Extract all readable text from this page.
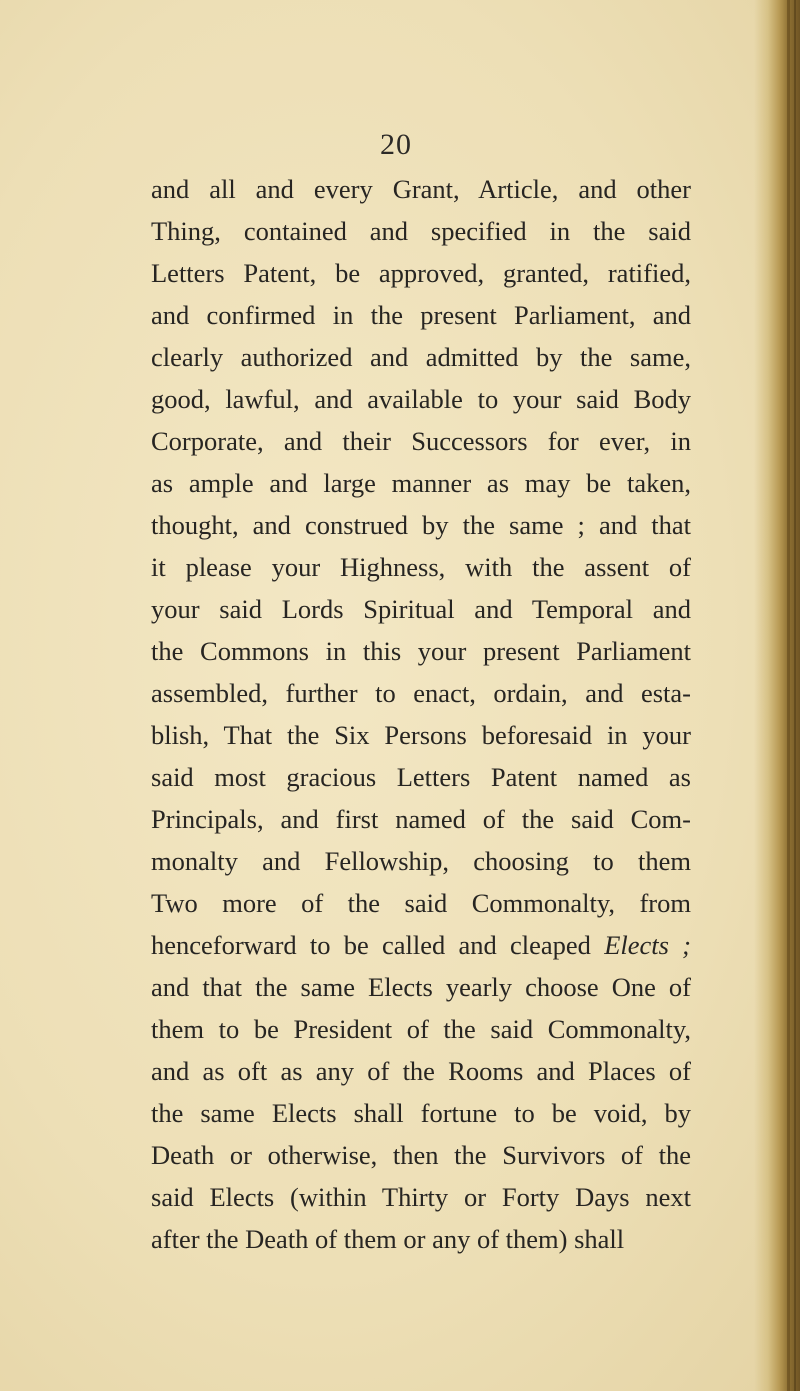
20
and all and every Grant, Article, and other
Thing, contained and specified in the said
Letters Patent, be approved, granted, ratified,
and confirmed in the present Parliament, and
clearly authorized and admitted by the same,
good, lawful, and available to your said Body
Corporate, and their Successors for ever, in
as ample and large manner as may be taken,
thought, and construed by the same ; and that
it please your Highness, with the assent of
your said Lords Spiritual and Temporal and
the Commons in this your present Parliament
assembled, further to enact, ordain, and esta-
blish, That the Six Persons beforesaid in your
said most gracious Letters Patent named as
Principals, and first named of the said Com-
monalty and Fellowship, choosing to them
Two more of the said Commonalty, from
henceforward to be called and cleaped Elects ;
and that the same Elects yearly choose One of
them to be President of the said Commonalty,
and as oft as any of the Rooms and Places of
the same Elects shall fortune to be void, by
Death or otherwise, then the Survivors of the
said Elects (within Thirty or Forty Days next
after the Death of them or any of them) shall
